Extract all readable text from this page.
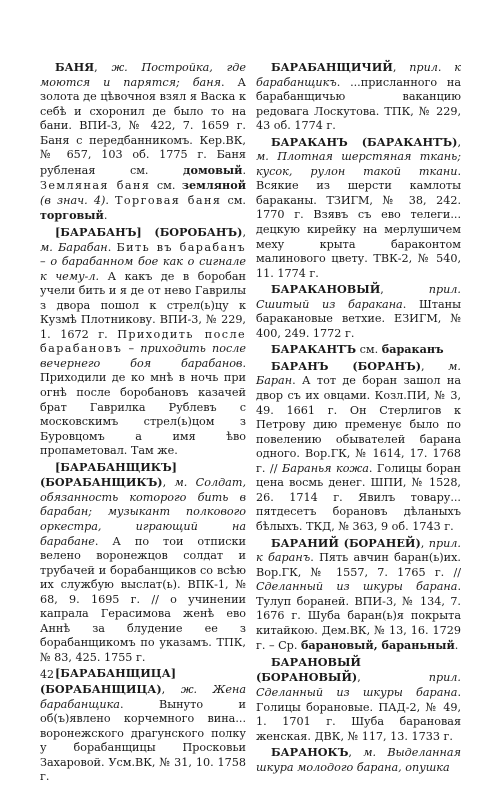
БАНЯ, ж. Постройка, где моются и парятся; баня. А золота де цѣвочноя взял я Васка к себѣ и схоронил де было то на бани. ВПИ-3, № 422, 7. 1659 г. Баня с передбанникомъ. Кер.ВК, № 657, 103 об. 1775 г. Баня рубленая см. домовый. Земляная баня см. земляной (в знач. 4). Торговая баня см. торговый.

[БАРАБАНЪ] (БОРОБАНЪ), м. Барабан. Бить въ барабанъ – о барабанном бое как о сигнале к чему-л. А какъ де в боробан учели бить и я де от нево Гаврилы з двора пошол к стрел(ь)цу к Кузмѣ Плотникову. ВПИ-3, № 229, 1. 1672 г. Приходить после барабановъ – приходить после вечернего боя барабанов. Приходили де ко мнѣ в ночь при огнѣ после боробановъ казачей брат Гаврилка Рублевъ с московскимъ стрел(ь)цом з Буровцомъ а имя ѣво пропаметовал. Там же.

[БАРАБАНЩИКЪ] (БОРАБАНЩИКЪ), м. Солдат, обязанность которого бить в барабан; музыкант полкового оркестра, играющий на барабане. А по тои отписки велено воронежцов солдат и трубачей и борабанщиков со всѣю их службую выслат(ь). ВПК-1, № 68, 9. 1695 г. // о учинении капрала Герасимова женѣ ево Аннѣ за блудение ее з борабанщикомъ по указамъ. ТПК, № 83, 425. 1755 г.

[БАРАБАНЩИЦА] (БОРАБАНЩИЦА), ж. Жена барабанщика. Вынуто и об(ъ)явлено корчемного вина... воронежского драгунского полку у борабанщицы Просковьи Захаровой. Усм.ВК, № 31, 10. 1758 г.

БАРАБАНЩИЧИЙ, прил. к барабанщикъ. ...присланного на барабанщичью ваканцию редовага Лоскутова. ТПК, № 229, 43 об. 1774 г.

БАРАКАНЪ (БАРАКАНТЪ), м. Плотная шерстяная ткань; кусок, рулон такой ткани. Всякие из шерсти камлоты бараканы. ТЗИГМ, № 38, 242. 1770 г. Взявъ съ ево телеги... децкую кирейку на мерлушичем меху крыта бараконтом малинового цвету. ТВК-2, № 540, 11. 1774 г.

БАРАКАНОВЫЙ, прил. Сшитый из баракана. Штаны баракановые ветхие. ЕЗИГМ, № 400, 249. 1772 г.

БАРАКАНТЪ см. бараканъ

БАРАНЪ (БОРАНЪ), м. Баран. А тот де боран зашол на двор съ их овцами. Козл.ПИ, № 3, 49. 1661 г. Он Стерлигов к Петрову дию пременує было по повелению обывателей барана одного. Вор.ГК, № 1614, 17. 1768 г. // Баранья кожа. Голицы боран цена восмь денег. ШПИ, № 1528, 26. 1714 г. Явилъ товару... пятдесетъ борановъ дѣланыхъ бѣлыхъ. ТКД, № 363, 9 об. 1743 г.

БАРАНИЙ (БОРАНЕЙ), прил. к баранъ. Пять авчин баран(ь)их. Вор.ГК, № 1557, 7. 1765 г. // Сделанный из шкуры барана. Тулуп бораней. ВПИ-3, № 134, 7. 1676 г. Шуба баран(ь)я покрыта китайкою. Дем.ВК, № 13, 16. 1729 г. – Ср. барановый, бараньный.

БАРАНОВЫЙ (БОРАНОВЫЙ), прил. Сделанный из шкуры барана. Голицы борановые. ПАД-2, № 49, 1. 1701 г. Шуба барановая женская. ДВК, № 117, 13. 1733 г.

БАРАНОКЪ, м. Выделанная шкура молодого барана, опушка

42
